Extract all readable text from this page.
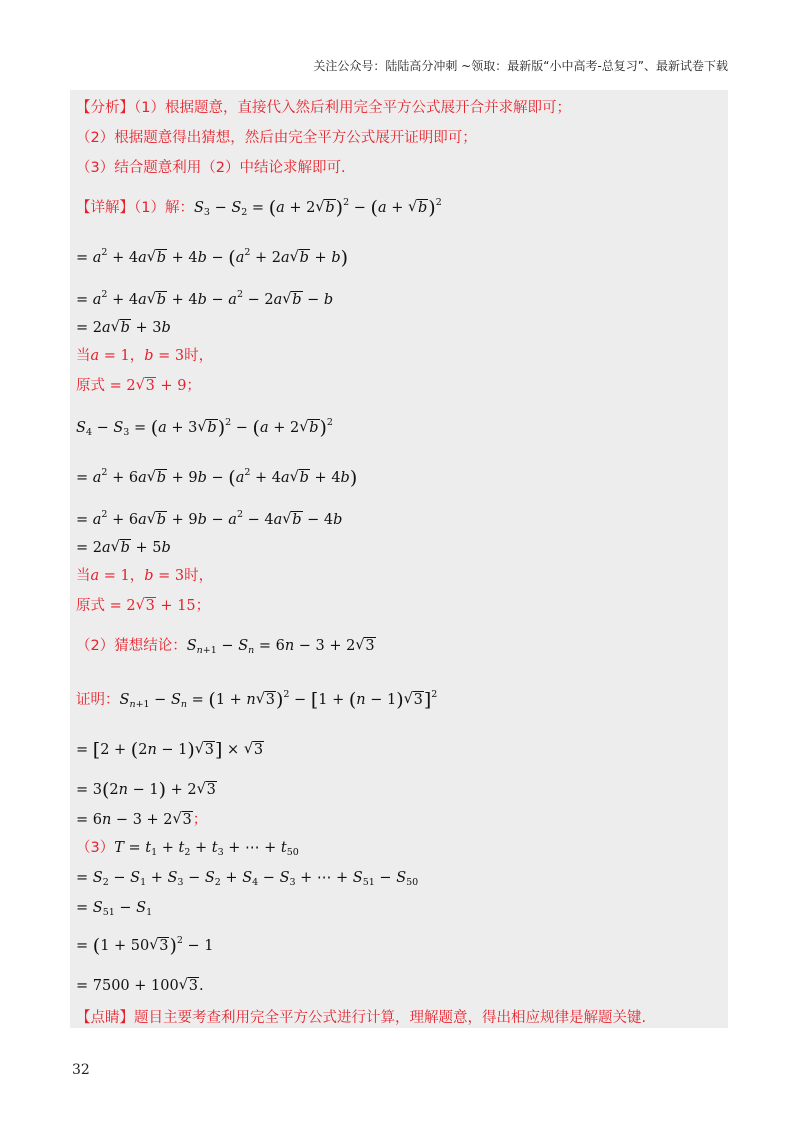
关注公众号：陆陆高分冲刺 ~领取：最新版“小中高考-总复习”、最新试卷下载
【分析】（1）根据题意，直接代入然后利用完全平方公式展开合并求解即可；
（2）根据题意得出猜想，然后由完全平方公式展开证明即可；
（3）结合题意利用（2）中结论求解即可.
【详解】（1）解：$S_3 - S_2 = (a + 2√$ b)$^2$ − (a + √ b)$^2$
= $a^2 + 4a√$ $b + 4b - (a^2 + 2a√$ b + b)
= $a^2 + 4a√$ $b + 4b - a^2 - 2a√$ b − b
= 2a√ b + 3b
当a = 1，b = 3时，
原式 = 2√ 3 + 9；
$S_4 - S_3 = (a + 3√$ b)$^2$ − (a + 2√ b)$^2$
= $a^2 + 6a√$ $b + 9b - (a^2 + 4a√$ b + 4b)
= $a^2 + 6a√$ $b + 9b - a^2 - 4a√$ b − 4b
= 2a√ b + 5b
当a = 1，b = 3时，
原式 = 2√ 3 + 15；
（2）猜想结论：$S_{n+1} - S_n = 6n - 3 + 2√$ 3
证明：$S_{n+1} - S_n = (1 + n√$ 3)$^2$ − [1 + (n − 1)√ 3]$^2$
= [2 + (2n − 1)√ 3] × √ 3
= 3(2n − 1) + 2√ 3
= 6n − 3 + 2√ 3；
$(3)T = t_1 + t_2 + t_3$ + ⋯ + $t_{50}$
= $S_2 - S_1 + S_3 - S_2 + S_4 - S_3$ + ⋯ + $S_{51} - S_{50}$
= $S_{51} - S_1$
= (1 + 50√ 3)$^2$ − 1
= 7500 + 100√ 3.
【点睛】题目主要考查利用完全平方公式进行计算，理解题意，得出相应规律是解题关键.
32
